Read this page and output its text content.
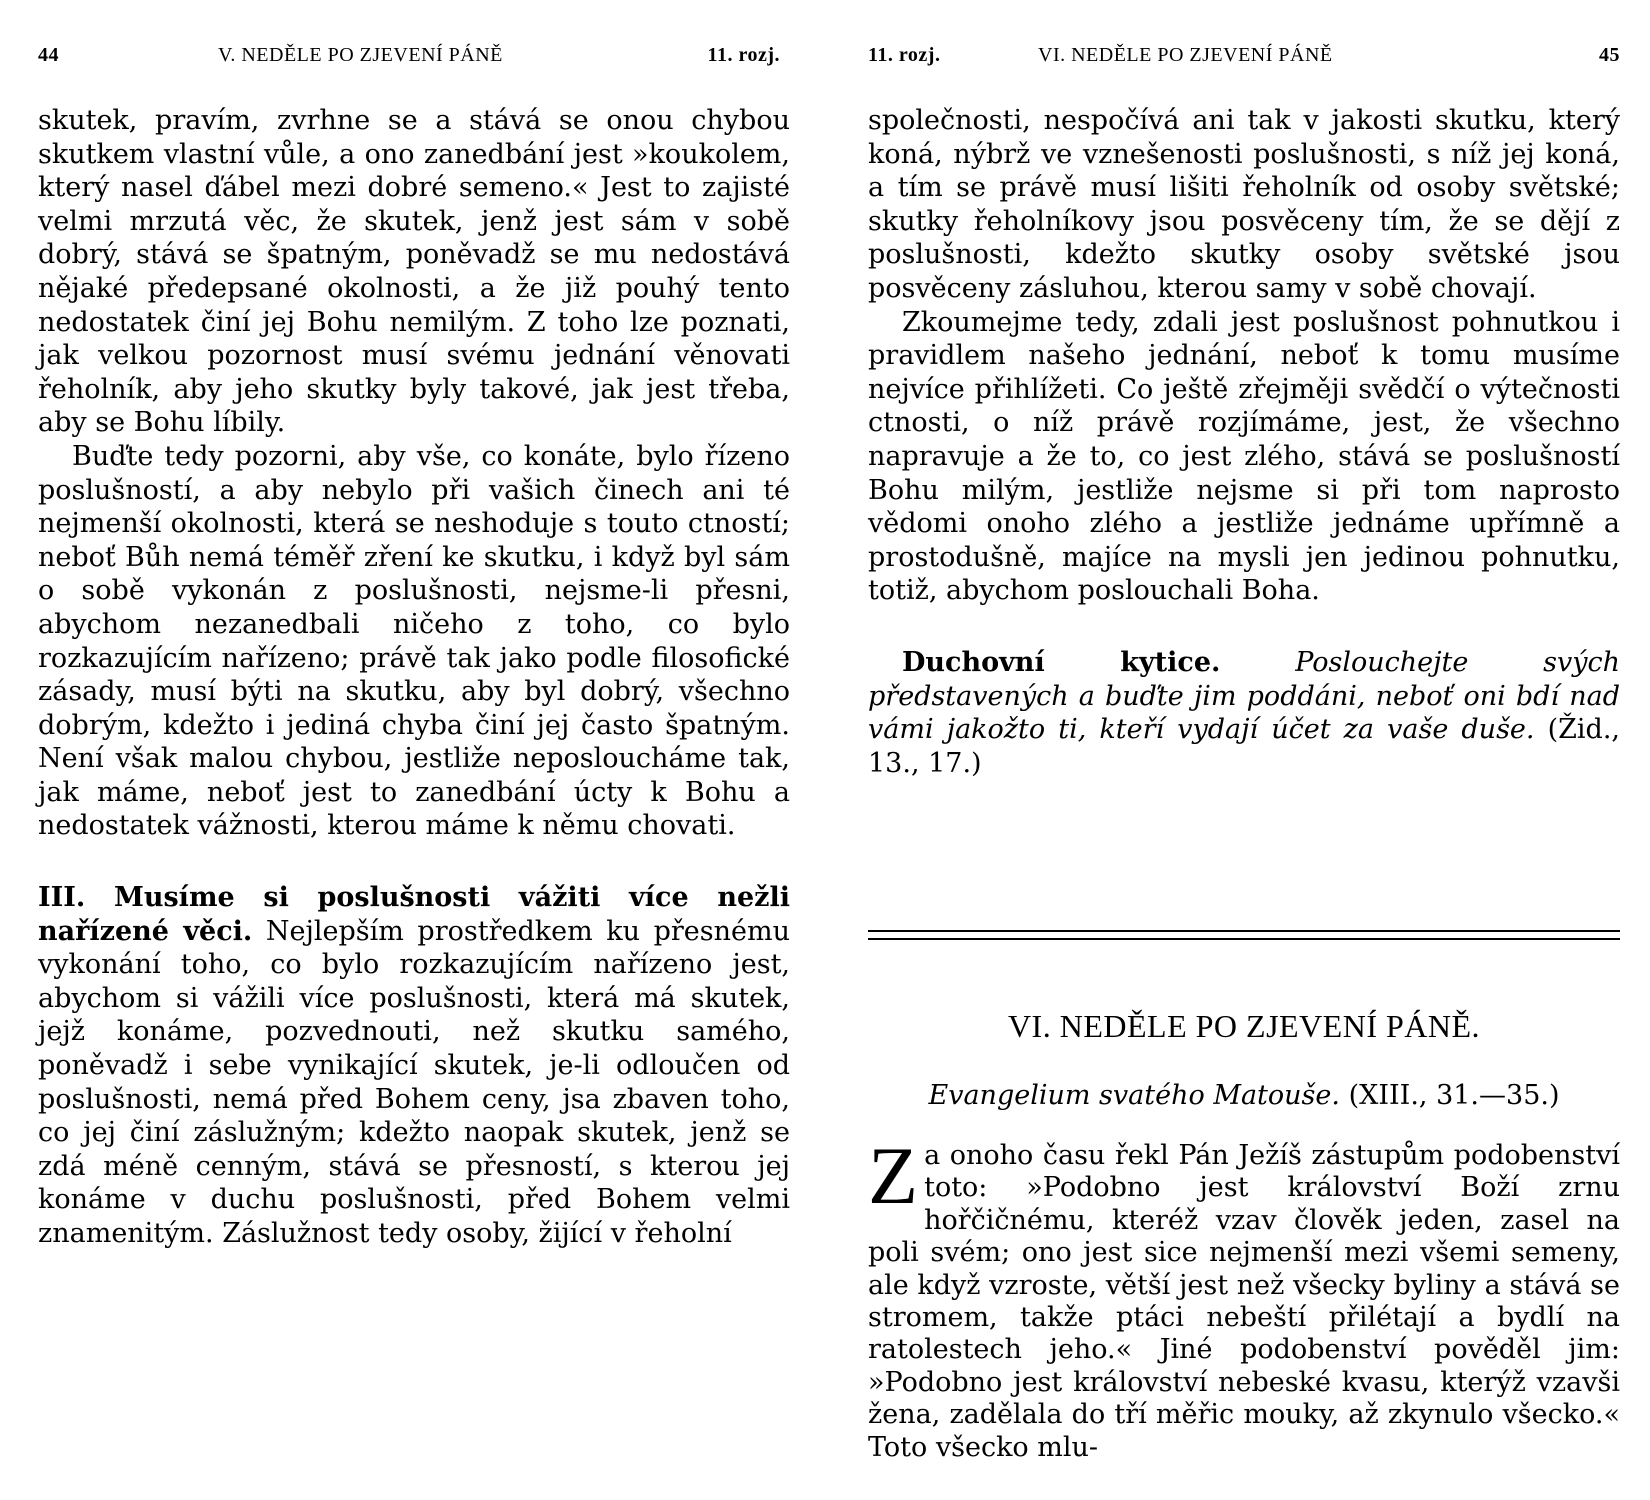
44	V. NEDĚLE PO ZJEVENÍ PÁNĚ	11. rozj.

skutek, pravím, zvrhne se a stává se onou chybou skutkem vlastní vůle, a ono zanedbání jest »koukolem, který nasel ďábel mezi dobré semeno.« Jest to zajisté velmi mrzutá věc, že skutek, jenž jest sám v sobě dobrý, stává se špatným, poněvadž se mu nedostává nějaké předepsané okolnosti, a že již pouhý tento nedostatek činí jej Bohu nemilým. Z toho lze poznati, jak velkou pozornost musí svému jednání věnovati řeholník, aby jeho skutky byly takové, jak jest třeba, aby se Bohu líbily.

Buďte tedy pozorni, aby vše, co konáte, bylo řízeno poslušností, a aby nebylo při vašich činech ani té nejmenší okolnosti, která se neshoduje s touto ctností; neboť Bůh nemá téměř zření ke skutku, i když byl sám o sobě vykonán z poslušnosti, nejsme-li přesni, abychom nezanedbali ničeho z toho, co bylo rozkazujícím nařízeno; právě tak jako podle filosofické zásady, musí býti na skutku, aby byl dobrý, všechno dobrým, kdežto i jediná chyba činí jej často špatným. Není však malou chybou, jestliže neposloucháme tak, jak máme, neboť jest to zanedbání úcty k Bohu a nedostatek vážnosti, kterou máme k němu chovati.

III. Musíme si poslušnosti vážiti více nežli nařízené věci. Nejlepším prostředkem ku přesnému vykonání toho, co bylo rozkazujícím nařízeno jest, abychom si vážili více poslušnosti, která má skutek, jejž konáme, pozvednouti, než skutku samého, poněvadž i sebe vynikající skutek, je-li odloučen od poslušnosti, nemá před Bohem ceny, jsa zbaven toho, co jej činí záslužným; kdežto naopak skutek, jenž se zdá méně cenným, stává se přesností, s kterou jej konáme v duchu poslušnosti, před Bohem velmi znamenitým. Záslužnost tedy osoby, žijící v řeholní

11. rozj.	VI. NEDĚLE PO ZJEVENÍ PÁNĚ	45

společnosti, nespočívá ani tak v jakosti skutku, který koná, nýbrž ve vznešenosti poslušnosti, s níž jej koná, a tím se právě musí lišiti řeholník od osoby světské; skutky řeholníkovy jsou posvěceny tím, že se dějí z poslušnosti, kdežto skutky osoby světské jsou posvěceny zásluhou, kterou samy v sobě chovají.

Zkoumejme tedy, zdali jest poslušnost pohnutkou i pravidlem našeho jednání, neboť k tomu musíme nejvíce přihlížeti. Co ještě zřejměji svědčí o výtečnosti ctnosti, o níž právě rozjímáme, jest, že všechno napravuje a že to, co jest zlého, stává se poslušností Bohu milým, jestliže nejsme si při tom naprosto vědomi onoho zlého a jestliže jednáme upřímně a prostodušně, majíce na mysli jen jedinou pohnutku, totiž, abychom poslouchali Boha.

Duchovní kytice.	Poslouchejte svých představených a buďte jim poddáni, neboť oni bdí nad vámi jakožto ti, kteří vydají účet za vaše duše. (Žid., 13., 17.)

VI. NEDĚLE PO ZJEVENÍ PÁNĚ.
Evangelium svatého Matouše. (XIII., 31.—35.)

Za onoho času řekl Pán Ježíš zástupům podobenství toto: »Podobno jest království Boží zrnu hořčičnému, kteréž vzav člověk jeden, zasel na poli svém; ono jest sice nejmenší mezi všemi semeny, ale když vzroste, větší jest než všecky byliny a stává se stromem, takže ptáci nebeští přilétají a bydlí na ratolestech jeho.« Jiné podobenství pověděl jim: »Podobno jest království nebeské kvasu, kterýž vzavši žena, zadělala do tří měřic mouky, až zkynulo všecko.« Toto všecko mlu-
